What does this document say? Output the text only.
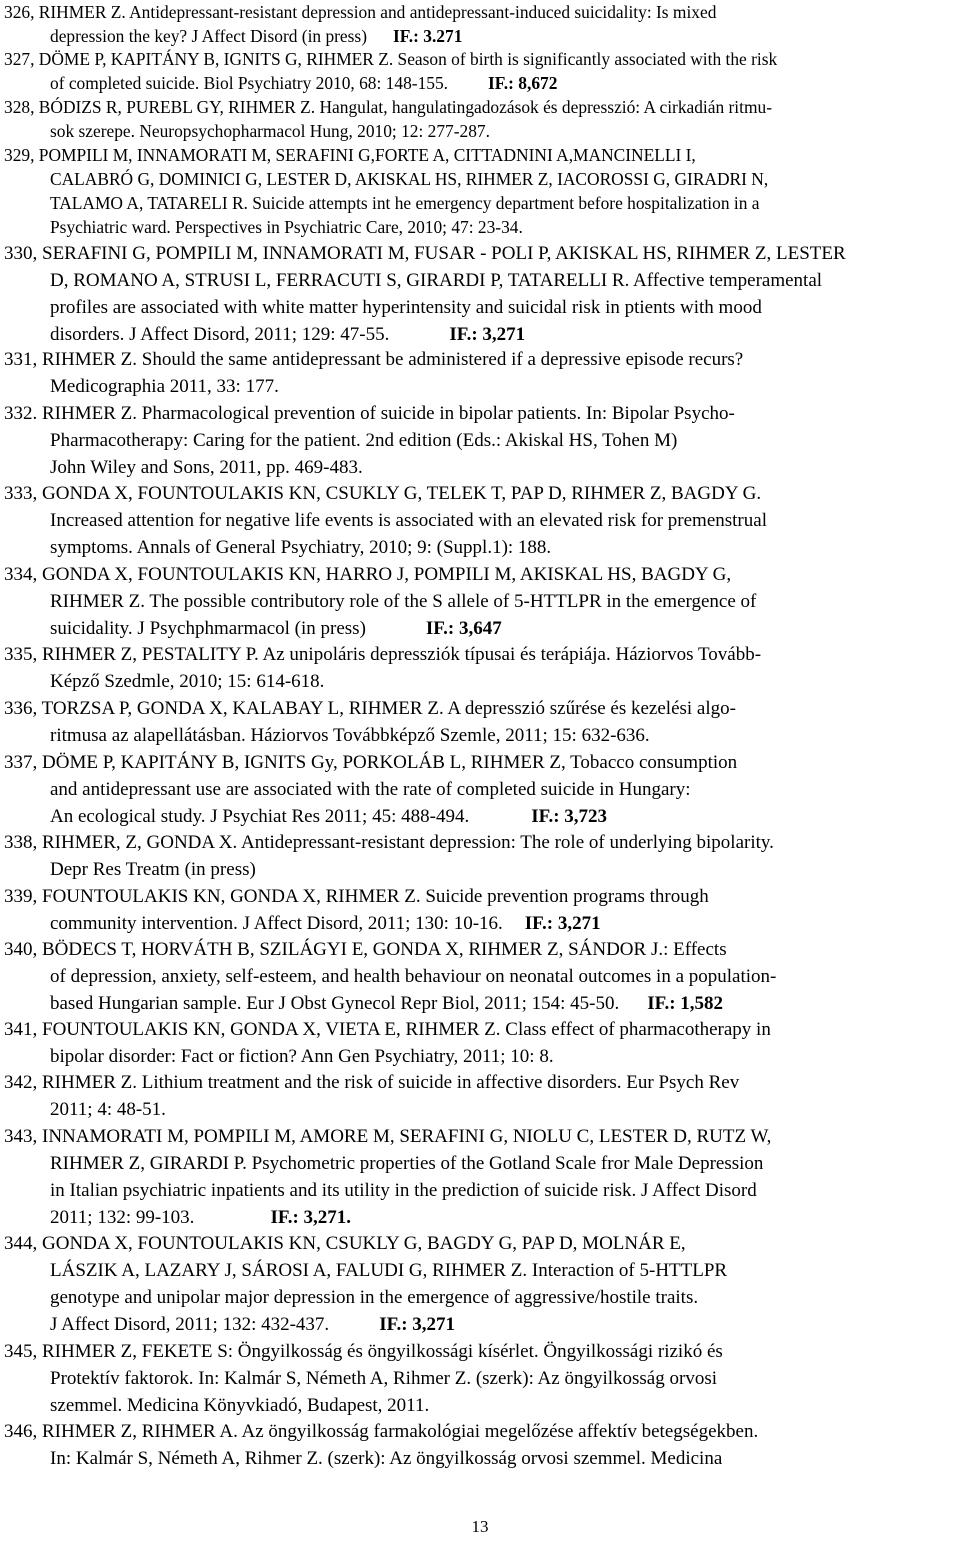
326, RIHMER Z. Antidepressant-resistant depression and antidepressant-induced suicidality: Is mixed
depression the key? J Affect Disord (in press) IF.: 3.271
327, DÖME P, KAPITÁNY B, IGNITS G, RIHMER Z. Season of birth is significantly associated with the risk
of completed suicide. Biol Psychiatry 2010, 68: 148-155. IF.: 8,672
328, BÓDIZS R, PUREBL GY, RIHMER Z. Hangulat, hangulatingadozások és depresszió: A cirkadián ritmu-
sok szerepe. Neuropsychopharmacol Hung, 2010; 12: 277-287.
329, POMPILI M, INNAMORATI M, SERAFINI G,FORTE A, CITTADNINI A,MANCINELLI I,
CALABRÓ G, DOMINICI G, LESTER D, AKISKAL HS, RIHMER Z, IACOROSSI G, GIRADRI N,
TALAMO A, TATARELI R. Suicide attempts int he emergency department before hospitalization in a
Psychiatric ward. Perspectives in Psychiatric Care, 2010; 47: 23-34.
330, SERAFINI G, POMPILI M, INNAMORATI M, FUSAR - POLI P, AKISKAL HS, RIHMER Z, LESTER
D, ROMANO A, STRUSI L, FERRACUTI S, GIRARDI P, TATARELLI R. Affective temperamental
profiles are associated with white matter hyperintensity and suicidal risk in ptients with mood
disorders. J Affect Disord, 2011; 129: 47-55.	IF.: 3,271
331, RIHMER Z. Should the same antidepressant be administered if a depressive episode recurs?
Medicographia 2011, 33: 177.
332. RIHMER Z. Pharmacological prevention of suicide in bipolar patients. In: Bipolar Psycho-
Pharmacotherapy: Caring for the patient. 2nd edition (Eds.: Akiskal HS, Tohen M)
John Wiley and Sons, 2011, pp. 469-483.
333, GONDA X, FOUNTOULAKIS KN, CSUKLY G, TELEK T, PAP D, RIHMER Z, BAGDY G.
Increased attention for negative life events is associated with an elevated risk for premenstrual
symptoms. Annals of General Psychiatry, 2010; 9: (Suppl.1): 188.
334, GONDA X, FOUNTOULAKIS KN, HARRO J, POMPILI M, AKISKAL HS, BAGDY G,
RIHMER Z. The possible contributory role of the S allele of 5-HTTLPR in the emergence of
suicidality. J Psychphmarmacol (in press)	IF.: 3,647
335, RIHMER Z, PESTALITY P. Az unipoláris depressziók típusai és terápiája. Háziorvos Tovább-
Képző Szedmle, 2010; 15: 614-618.
336, TORZSA P, GONDA X, KALABAY L, RIHMER Z. A depresszió szűrése és kezelési algo-
ritmusa az alapellátásban. Háziorvos Továbbképző Szemle, 2011; 15: 632-636.
337, DÖME P, KAPITÁNY B, IGNITS Gy, PORKOLÁB L, RIHMER Z, Tobacco consumption
and antidepressant use are associated with the rate of completed suicide in Hungary:
An ecological study. J Psychiat Res 2011; 45: 488-494.	IF.: 3,723
338, RIHMER, Z, GONDA X. Antidepressant-resistant depression: The role of underlying bipolarity.
Depr Res Treatm (in press)
339, FOUNTOULAKIS KN, GONDA X, RIHMER Z. Suicide prevention programs through
community intervention. J Affect Disord, 2011; 130: 10-16. IF.: 3,271
340, BÖDECS T, HORVÁTH B, SZILÁGYI E, GONDA X, RIHMER Z, SÁNDOR J.: Effects
of depression, anxiety, self-esteem, and health behaviour on neonatal outcomes in a population-
based Hungarian sample. Eur J Obst Gynecol Repr Biol, 2011; 154: 45-50. IF.: 1,582
341, FOUNTOULAKIS KN, GONDA X, VIETA E, RIHMER Z. Class effect of pharmacotherapy in
bipolar disorder: Fact or fiction? Ann Gen Psychiatry, 2011; 10: 8.
342, RIHMER Z. Lithium treatment and the risk of suicide in affective disorders. Eur Psych Rev
2011; 4: 48-51.
343, INNAMORATI M, POMPILI M, AMORE M, SERAFINI G, NIOLU C, LESTER D, RUTZ W,
RIHMER Z, GIRARDI P. Psychometric properties of the Gotland Scale fror Male Depression
in Italian psychiatric inpatients and its utility in the prediction of suicide risk. J Affect Disord
2011; 132: 99-103.	IF.: 3,271.
344, GONDA X, FOUNTOULAKIS KN, CSUKLY G, BAGDY G, PAP D, MOLNÁR E,
LÁSZIK A, LAZARY J, SÁROSI A, FALUDI G, RIHMER Z. Interaction of 5-HTTLPR
genotype and unipolar major depression in the emergence of aggressive/hostile traits.
J Affect Disord, 2011; 132: 432-437.	IF.: 3,271
345, RIHMER Z, FEKETE S: Öngyilkosság és öngyilkossági kísérlet. Öngyilkossági rizikó és
Protektív faktorok. In: Kalmár S, Németh A, Rihmer Z. (szerk): Az öngyilkosság orvosi
szemmel. Medicina Könyvkiadó, Budapest, 2011.
346, RIHMER Z, RIHMER A. Az öngyilkosság farmakológiai megelőzése affektív betegségekben.
In: Kalmár S, Németh A, Rihmer Z. (szerk): Az öngyilkosság orvosi szemmel. Medicina
13
